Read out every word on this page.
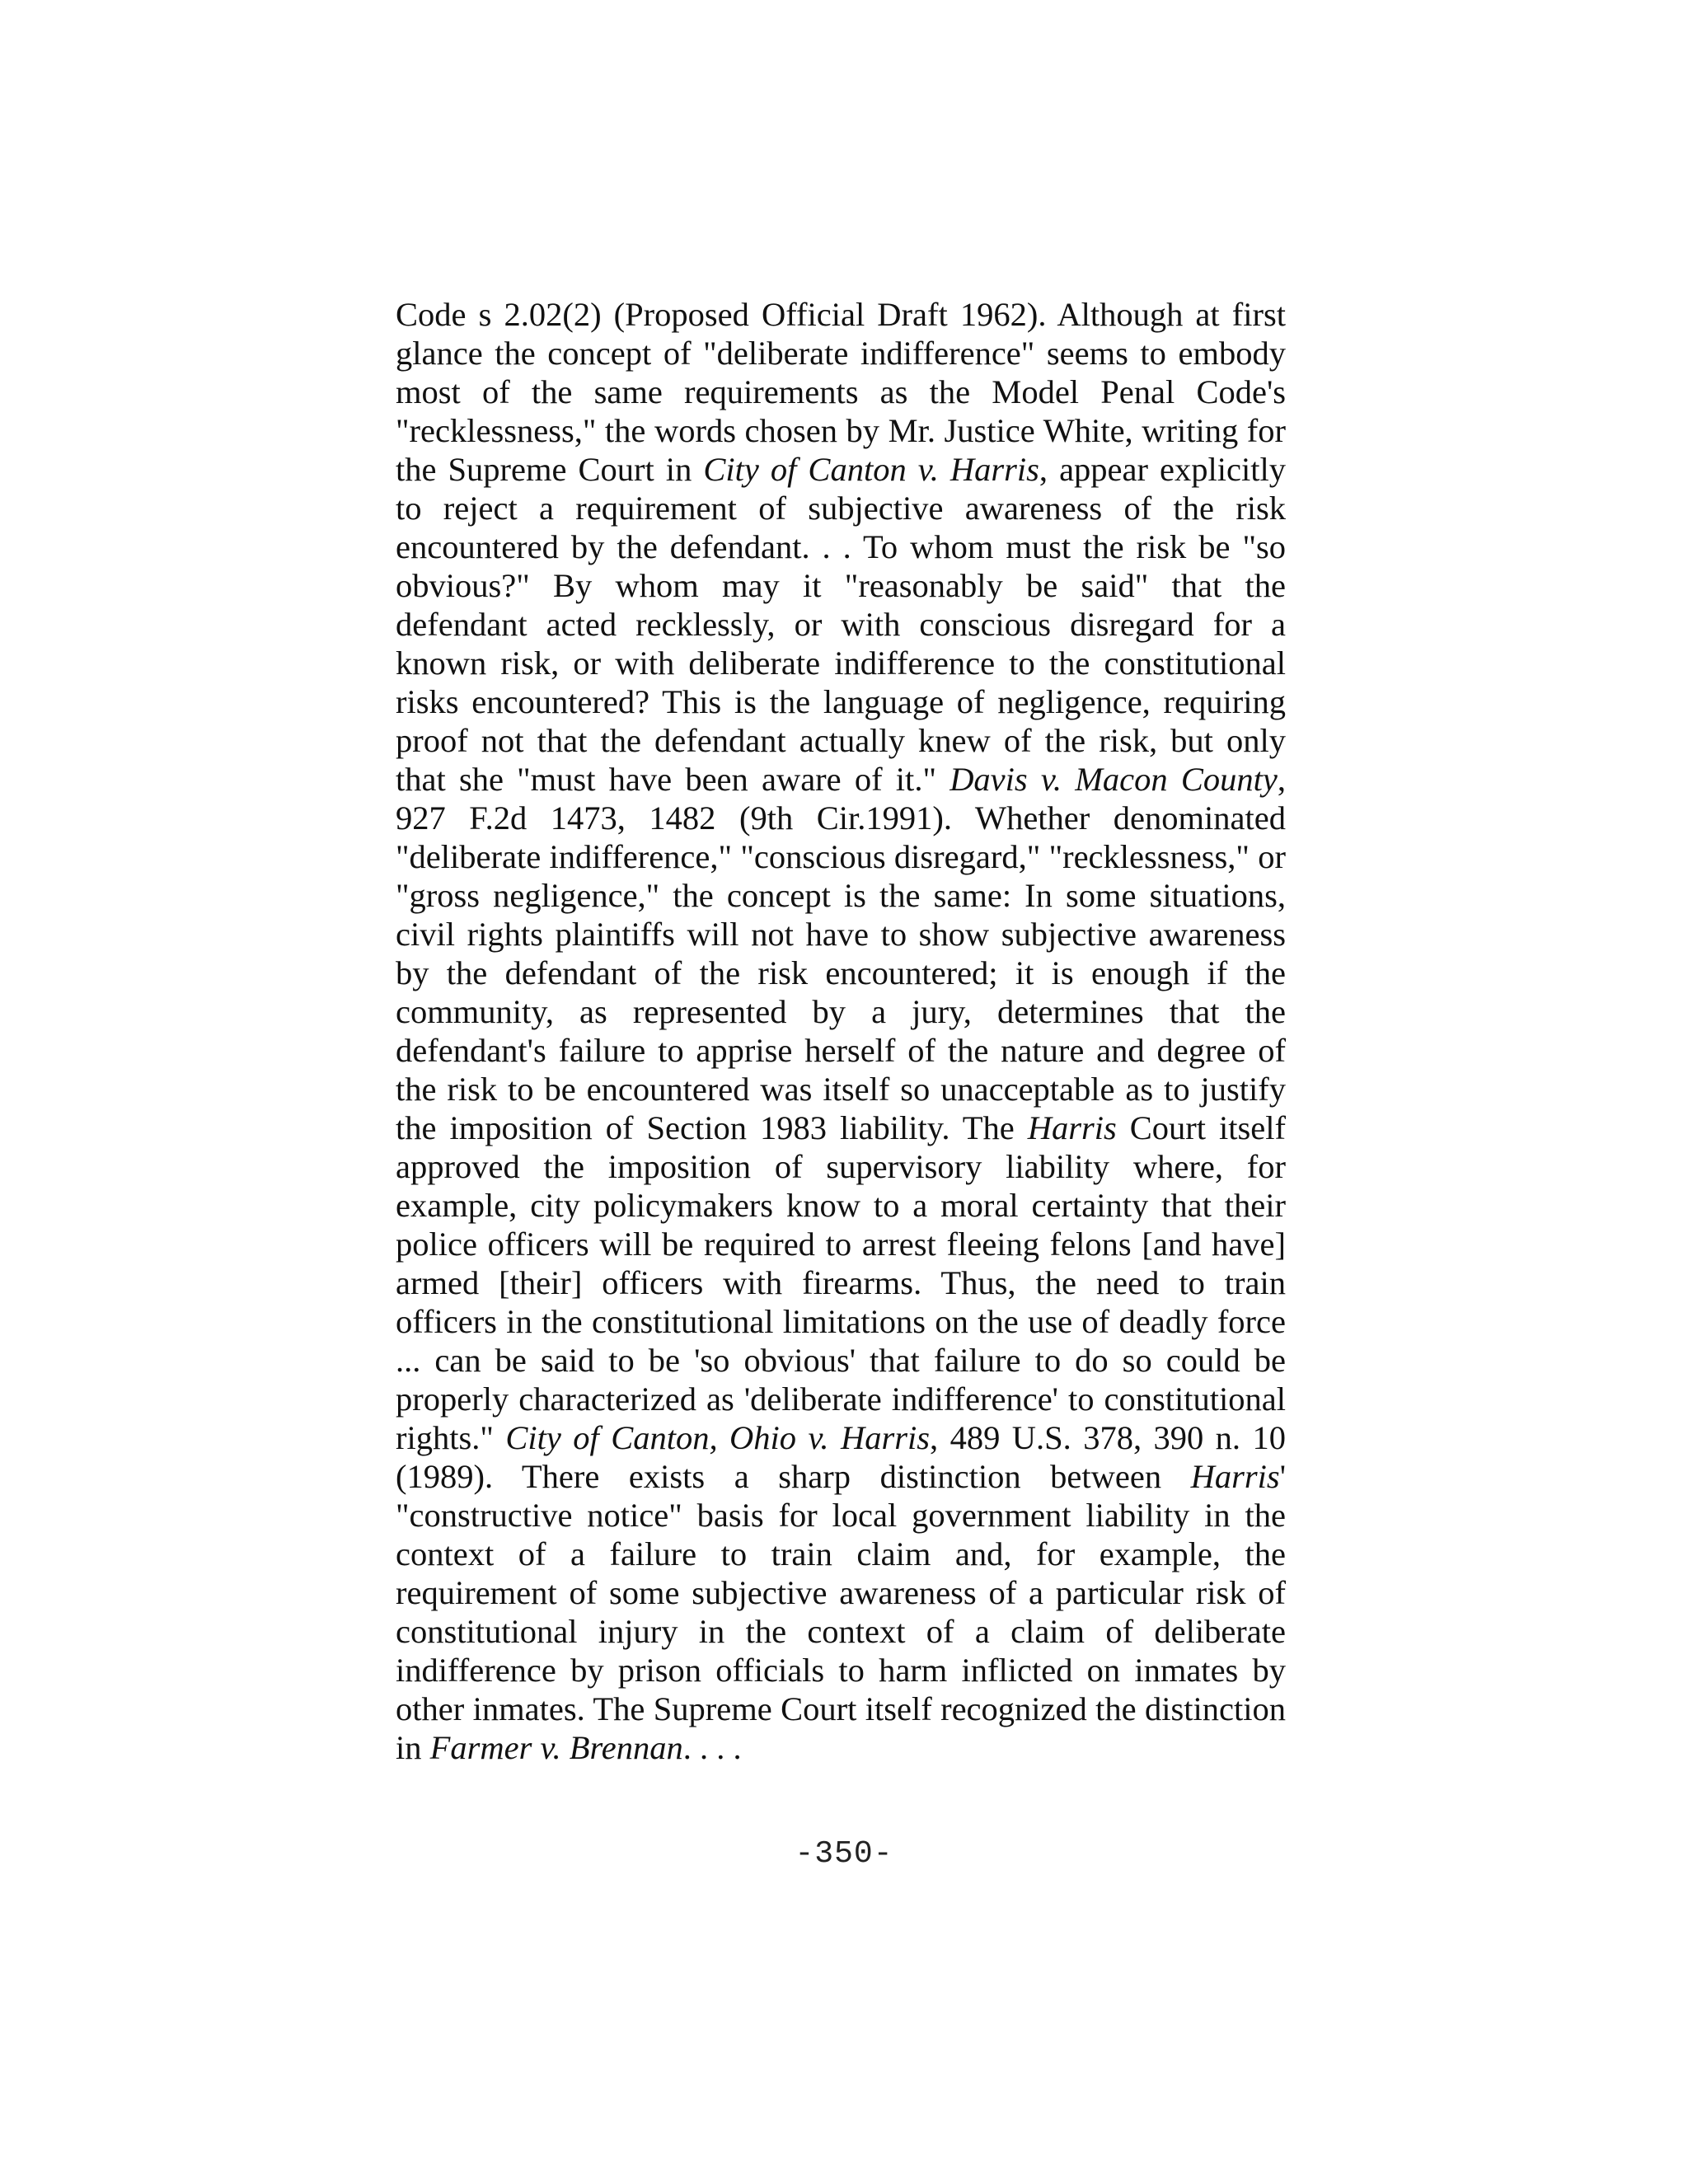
Code s 2.02(2) (Proposed Official Draft 1962). Although at first glance the concept of "deliberate indifference" seems to embody most of the same requirements as the Model Penal Code's "recklessness," the words chosen by Mr. Justice White, writing for the Supreme Court in City of Canton v. Harris, appear explicitly to reject a requirement of subjective awareness of the risk encountered by the defendant. . . To whom must the risk be "so obvious?" By whom may it "reasonably be said" that the defendant acted recklessly, or with conscious disregard for a known risk, or with deliberate indifference to the constitutional risks encountered? This is the language of negligence, requiring proof not that the defendant actually knew of the risk, but only that she "must have been aware of it." Davis v. Macon County, 927 F.2d 1473, 1482 (9th Cir.1991). Whether denominated "deliberate indifference," "conscious disregard," "recklessness," or "gross negligence," the concept is the same: In some situations, civil rights plaintiffs will not have to show subjective awareness by the defendant of the risk encountered; it is enough if the community, as represented by a jury, determines that the defendant's failure to apprise herself of the nature and degree of the risk to be encountered was itself so unacceptable as to justify the imposition of Section 1983 liability. The Harris Court itself approved the imposition of supervisory liability where, for example, city policymakers know to a moral certainty that their police officers will be required to arrest fleeing felons [and have] armed [their] officers with firearms. Thus, the need to train officers in the constitutional limitations on the use of deadly force ... can be said to be 'so obvious' that failure to do so could be properly characterized as 'deliberate indifference' to constitutional rights." City of Canton, Ohio v. Harris, 489 U.S. 378, 390 n. 10 (1989). There exists a sharp distinction between Harris' "constructive notice" basis for local government liability in the context of a failure to train claim and, for example, the requirement of some subjective awareness of a particular risk of constitutional injury in the context of a claim of deliberate indifference by prison officials to harm inflicted on inmates by other inmates. The Supreme Court itself recognized the distinction in Farmer v. Brennan. . . .

-350-
